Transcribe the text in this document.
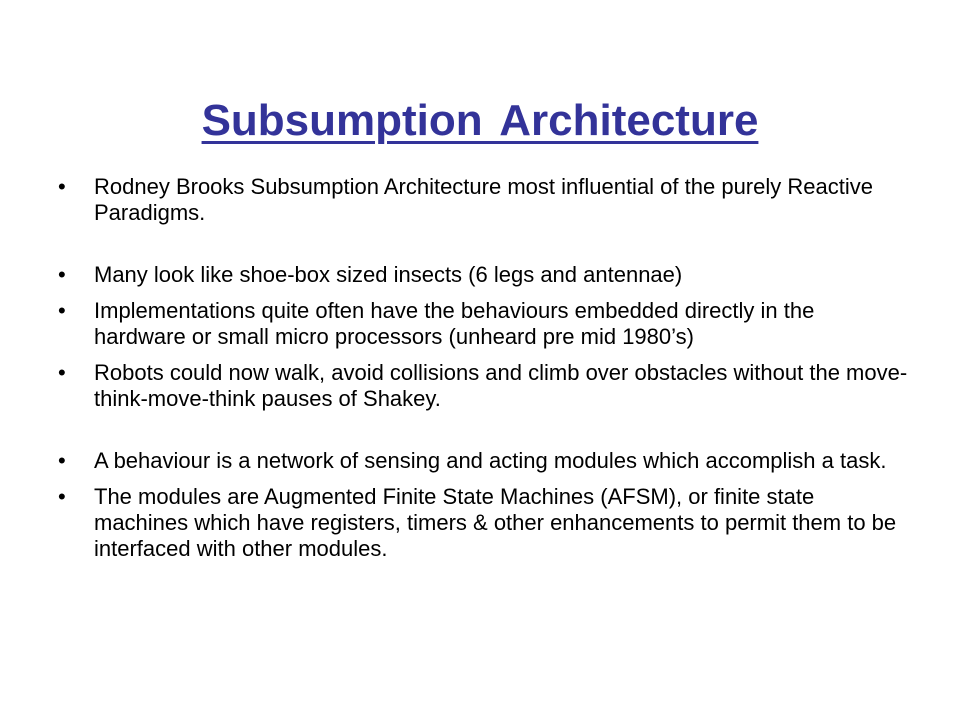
Subsumption Architecture
• Rodney Brooks Subsumption Architecture most influential of the purely Reactive Paradigms.
• Many look like shoe-box sized insects (6 legs and antennae)
• Implementations quite often have the behaviours embedded directly in the hardware or small micro processors (unheard pre mid 1980’s)
• Robots could now walk, avoid collisions and climb over obstacles without the move-think-move-think pauses of Shakey.
• A behaviour is a network of sensing and acting modules which accomplish a task.
• The modules are Augmented Finite State Machines (AFSM), or finite state machines which have registers, timers & other enhancements to permit them to be interfaced with other modules.
